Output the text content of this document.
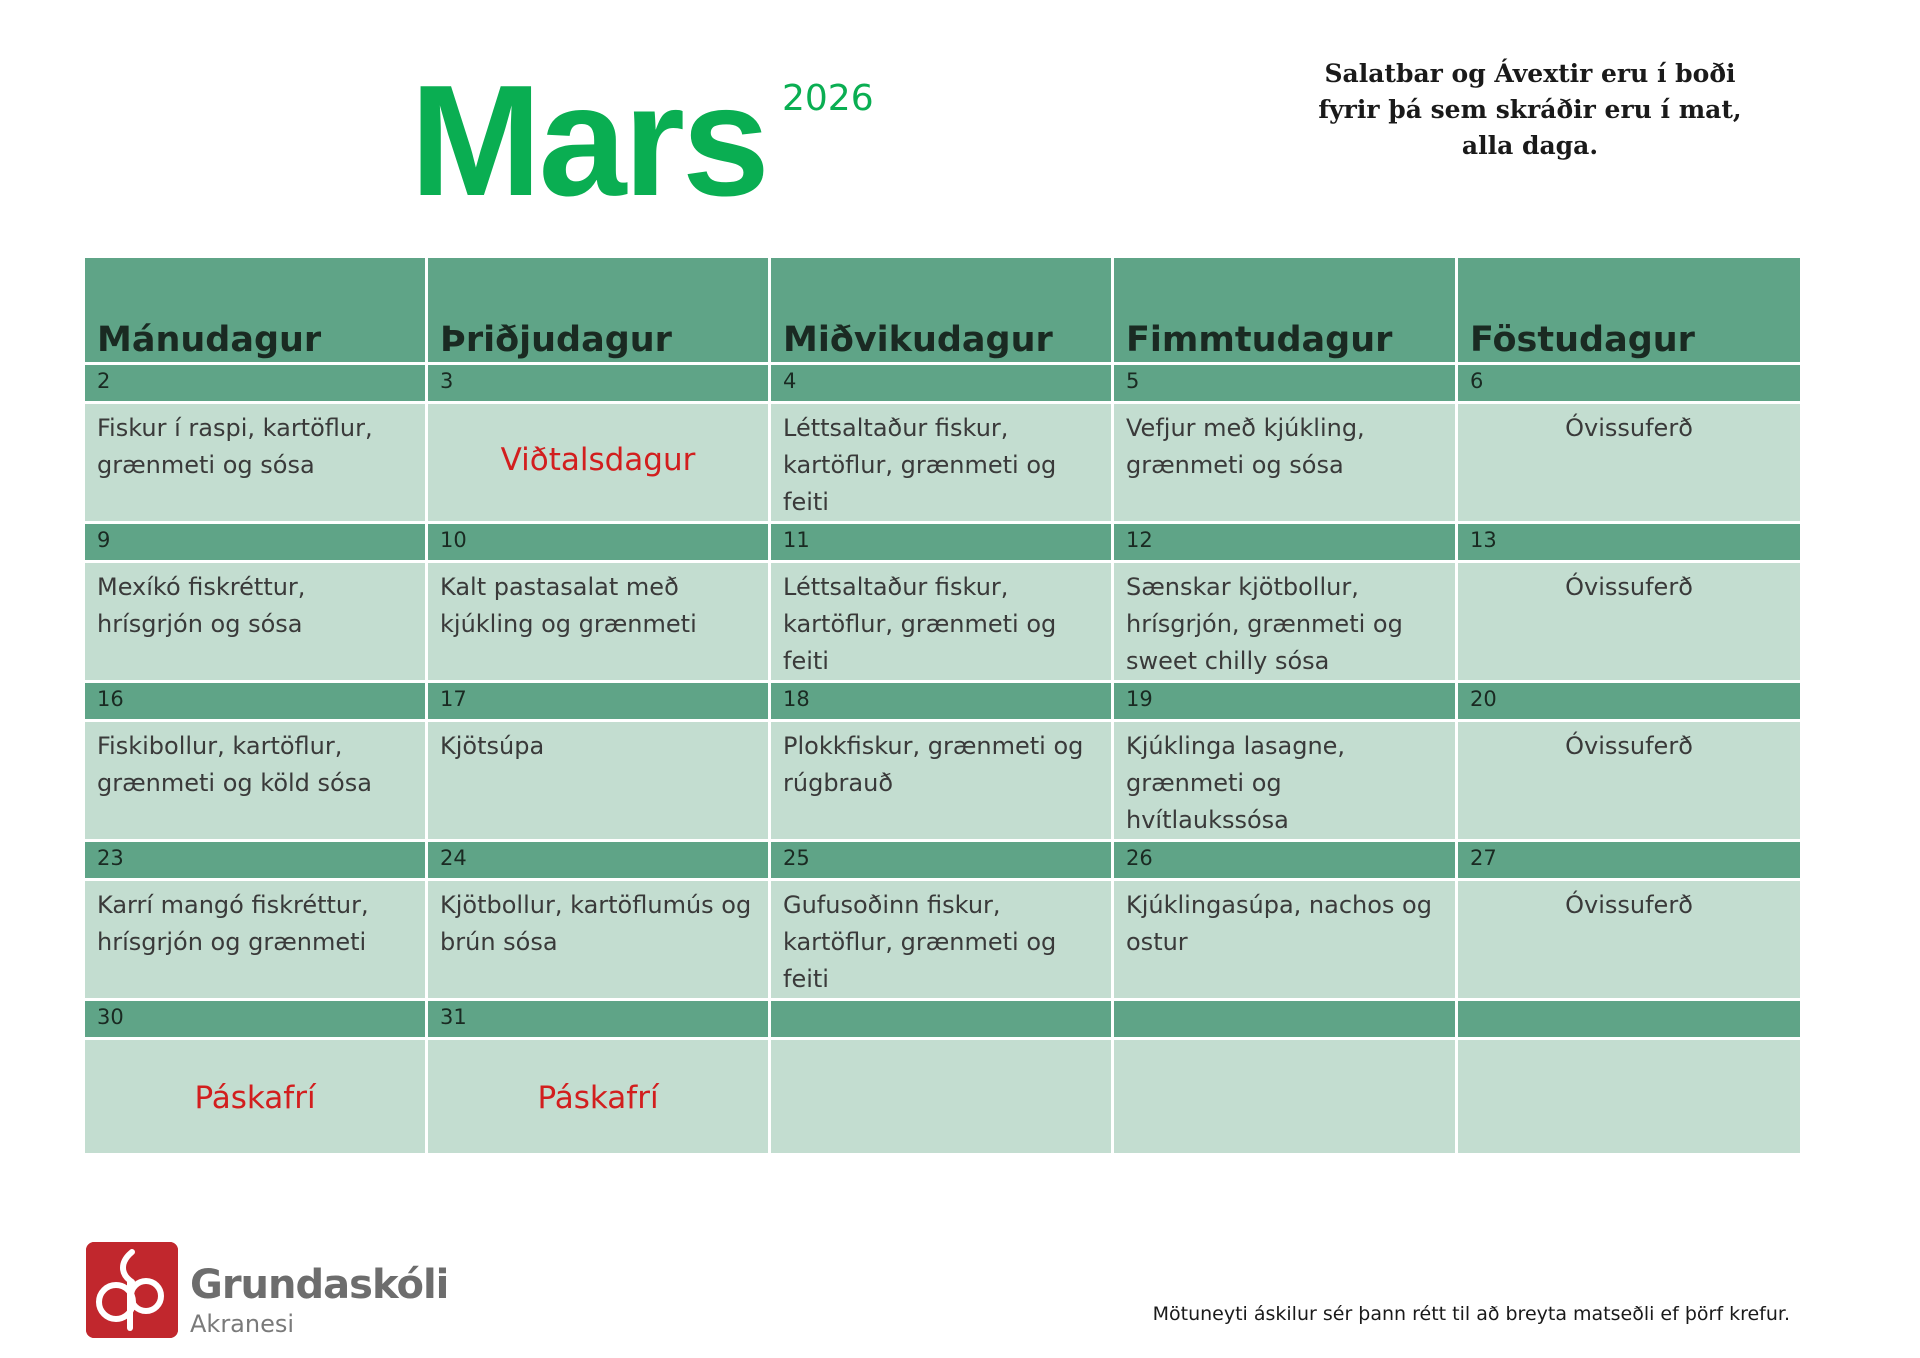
Mars 2026
Salatbar og Ávextir eru í boði fyrir þá sem skráðir eru í mat, alla daga.
Mánudagur	Þriðjudagur	Miðvikudagur	Fimmtudagur	Föstudagur

2	3	4	5	6

Fiskur í raspi, kartöflur, grænmeti og sósa	Viðtalsdagur	Léttsaltaður fiskur, kartöflur, grænmeti og feiti	Vefjur með kjúkling, grænmeti og sósa	Óvissuferð

9	10	11	12	13

Mexíkó fiskréttur, hrísgrjón og sósa	Kalt pastasalat með kjúkling og grænmeti	Léttsaltaður fiskur, kartöflur, grænmeti og feiti	Sænskar kjötbollur, hrísgrjón, grænmeti og sweet chilly sósa	Óvissuferð

16	17	18	19	20

Fiskibollur, kartöflur, grænmeti og köld sósa	Kjötsúpa	Plokkfiskur, grænmeti og rúgbrauð	Kjúklinga lasagne, grænmeti og hvítlaukssósa	Óvissuferð

23	24	25	26	27

Karrí mangó fiskréttur, hrísgrjón og grænmeti	Kjötbollur, kartöflumús og brún sósa	Gufusoðinn fiskur, kartöflur, grænmeti og feiti	Kjúklingasúpa, nachos og ostur	Óvissuferð

30	31			

Páskafrí	Páskafrí			

Grundaskóli
Akranesi	Mötuneyti áskilur sér þann rétt til að breyta matseðli ef þörf krefur.
